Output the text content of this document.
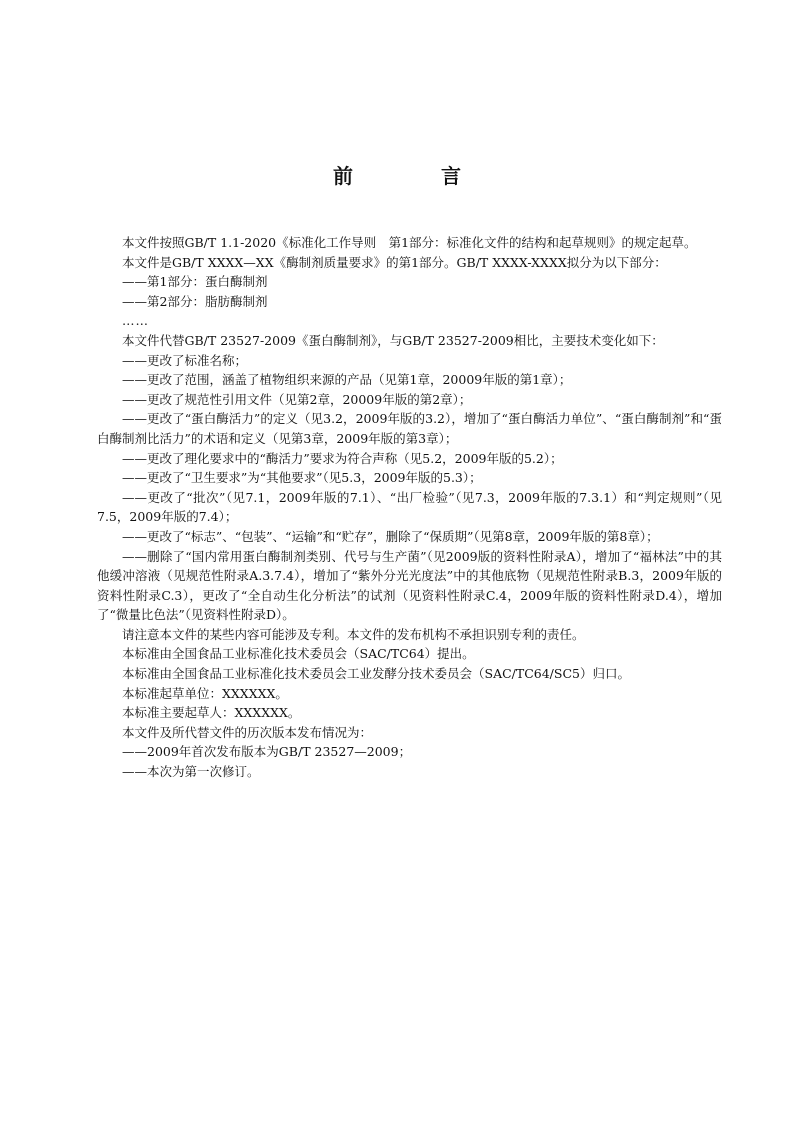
前　言

本文件按照GB/T 1.1-2020《标准化工作导则　第1部分：标准化文件的结构和起草规则》的规定起草。

本文件是GB/T XXXX—XX《酶制剂质量要求》的第1部分。GB/T XXXX-XXXX拟分为以下部分：

——第1部分：蛋白酶制剂

——第2部分：脂肪酶制剂

……

本文件代替GB/T 23527-2009《蛋白酶制剂》，与GB/T 23527-2009相比，主要技术变化如下：

——更改了标准名称；

——更改了范围，涵盖了植物组织来源的产品（见第1章，20009年版的第1章）；

——更改了规范性引用文件（见第2章，20009年版的第2章）；

——更改了“蛋白酶活力”的定义（见3.2，2009年版的3.2），增加了“蛋白酶活力单位”、“蛋白酶制剂”和“蛋白酶制剂比活力”的术语和定义（见第3章，2009年版的第3章）；

——更改了理化要求中的“酶活力”要求为符合声称（见5.2，2009年版的5.2）；

——更改了“卫生要求”为“其他要求”（见5.3，2009年版的5.3）；

——更改了“批次”（见7.1，2009年版的7.1）、“出厂检验”（见7.3，2009年版的7.3.1）和“判定规则”（见7.5，2009年版的7.4）；

——更改了“标志”、“包装”、“运输”和“贮存”，删除了“保质期”（见第8章，2009年版的第8章）；

——删除了“国内常用蛋白酶制剂类别、代号与生产菌”（见2009版的资料性附录A），增加了“福林法”中的其他缓冲溶液（见规范性附录A.3.7.4），增加了“紫外分光光度法”中的其他底物（见规范性附录B.3，2009年版的资料性附录C.3），更改了“全自动生化分析法”的试剂（见资料性附录C.4，2009年版的资料性附录D.4），增加了“微量比色法”（见资料性附录D）。

请注意本文件的某些内容可能涉及专利。本文件的发布机构不承担识别专利的责任。

本标准由全国食品工业标准化技术委员会（SAC/TC64）提出。

本标准由全国食品工业标准化技术委员会工业发酵分技术委员会（SAC/TC64/SC5）归口。

本标准起草单位：XXXXXX。

本标准主要起草人：XXXXXX。

本文件及所代替文件的历次版本发布情况为：

——2009年首次发布版本为GB/T 23527—2009；

——本次为第一次修订。
